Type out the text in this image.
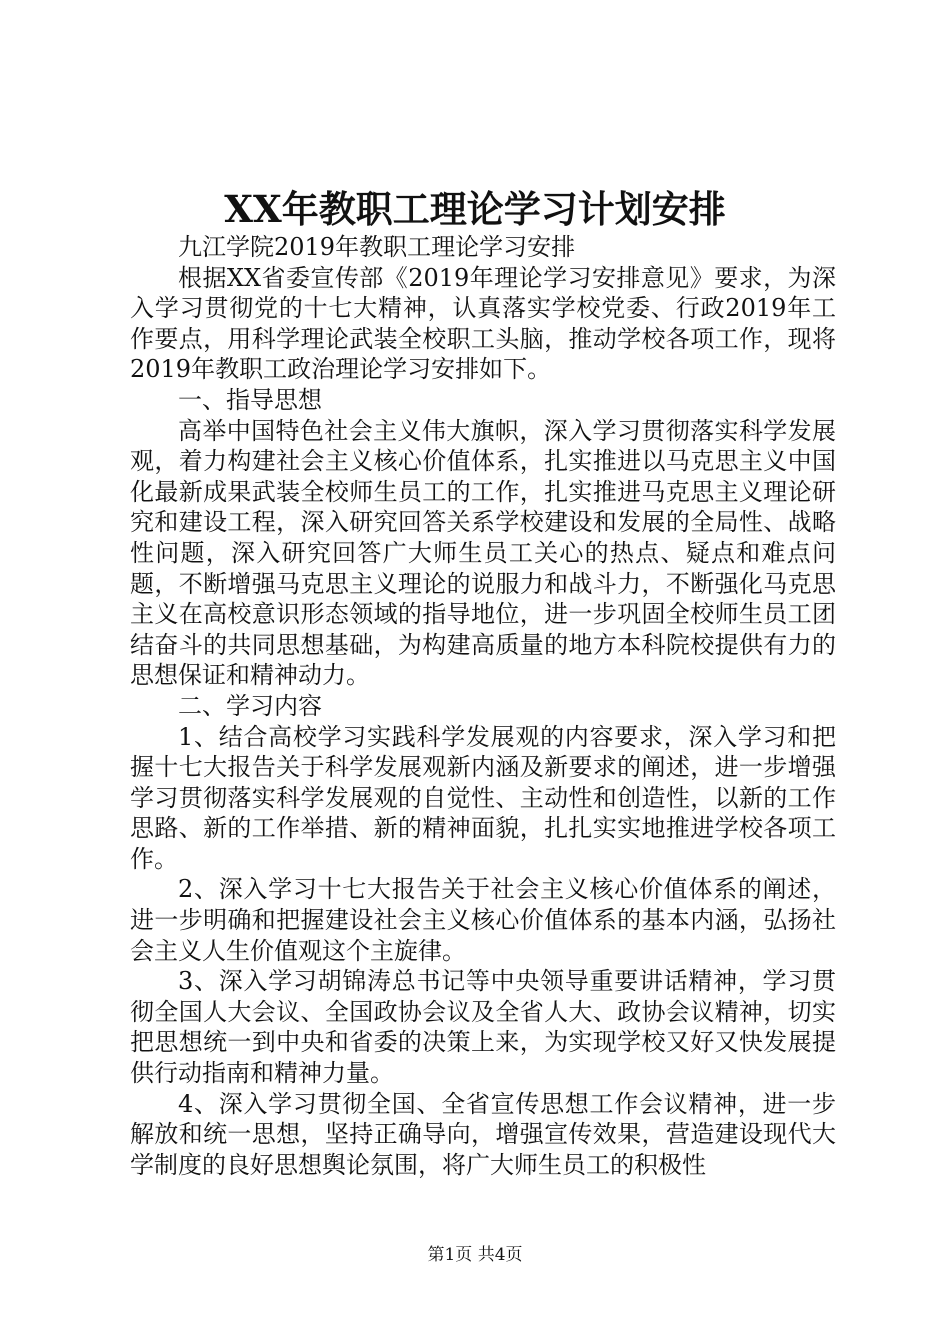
XX年教职工理论学习计划安排

九江学院2019年教职工理论学习安排

根据XX省委宣传部《2019年理论学习安排意见》要求，为深入学习贯彻党的十七大精神，认真落实学校党委、行政2019年工作要点，用科学理论武装全校职工头脑，推动学校各项工作，现将2019年教职工政治理论学习安排如下。

一、指导思想

高举中国特色社会主义伟大旗帜，深入学习贯彻落实科学发展观，着力构建社会主义核心价值体系，扎实推进以马克思主义中国化最新成果武装全校师生员工的工作，扎实推进马克思主义理论研究和建设工程，深入研究回答关系学校建设和发展的全局性、战略性问题，深入研究回答广大师生员工关心的热点、疑点和难点问题，不断增强马克思主义理论的说服力和战斗力，不断强化马克思主义在高校意识形态领域的指导地位，进一步巩固全校师生员工团结奋斗的共同思想基础，为构建高质量的地方本科院校提供有力的思想保证和精神动力。

二、学习内容

1、结合高校学习实践科学发展观的内容要求，深入学习和把握十七大报告关于科学发展观新内涵及新要求的阐述，进一步增强学习贯彻落实科学发展观的自觉性、主动性和创造性，以新的工作思路、新的工作举措、新的精神面貌，扎扎实实地推进学校各项工作。

2、深入学习十七大报告关于社会主义核心价值体系的阐述，进一步明确和把握建设社会主义核心价值体系的基本内涵，弘扬社会主义人生价值观这个主旋律。

3、深入学习胡锦涛总书记等中央领导重要讲话精神，学习贯彻全国人大会议、全国政协会议及全省人大、政协会议精神，切实把思想统一到中央和省委的决策上来，为实现学校又好又快发展提供行动指南和精神力量。

4、深入学习贯彻全国、全省宣传思想工作会议精神，进一步解放和统一思想，坚持正确导向，增强宣传效果，营造建设现代大学制度的良好思想舆论氛围，将广大师生员工的积极性

第1页 共4页
